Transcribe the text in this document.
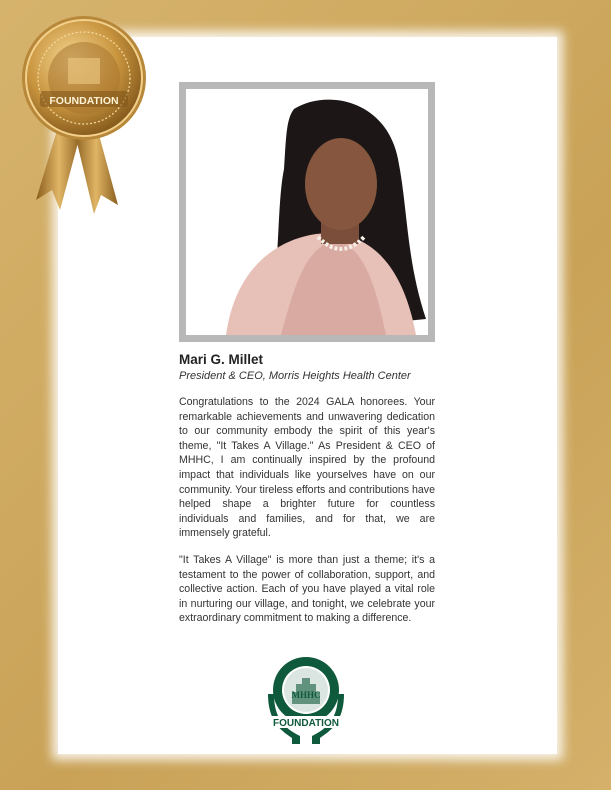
FOUNDATION
Mari G. Millet
President & CEO, Morris Heights Health Center

Congratulations to the 2024 GALA honorees. Your remarkable achievements and unwavering dedication to our community embody the spirit of this year's theme, "It Takes A Village." As President & CEO of MHHC, I am continually inspired by the profound impact that individuals like yourselves have on our community. Your tireless efforts and contributions have helped shape a brighter future for countless individuals and families, and for that, we are immensely grateful.

"It Takes A Village" is more than just a theme; it's a testament to the power of collaboration, support, and collective action. Each of you have played a vital role in nurturing our village, and tonight, we celebrate your extraordinary commitment to making a difference.

MHHC
FOUNDATION
